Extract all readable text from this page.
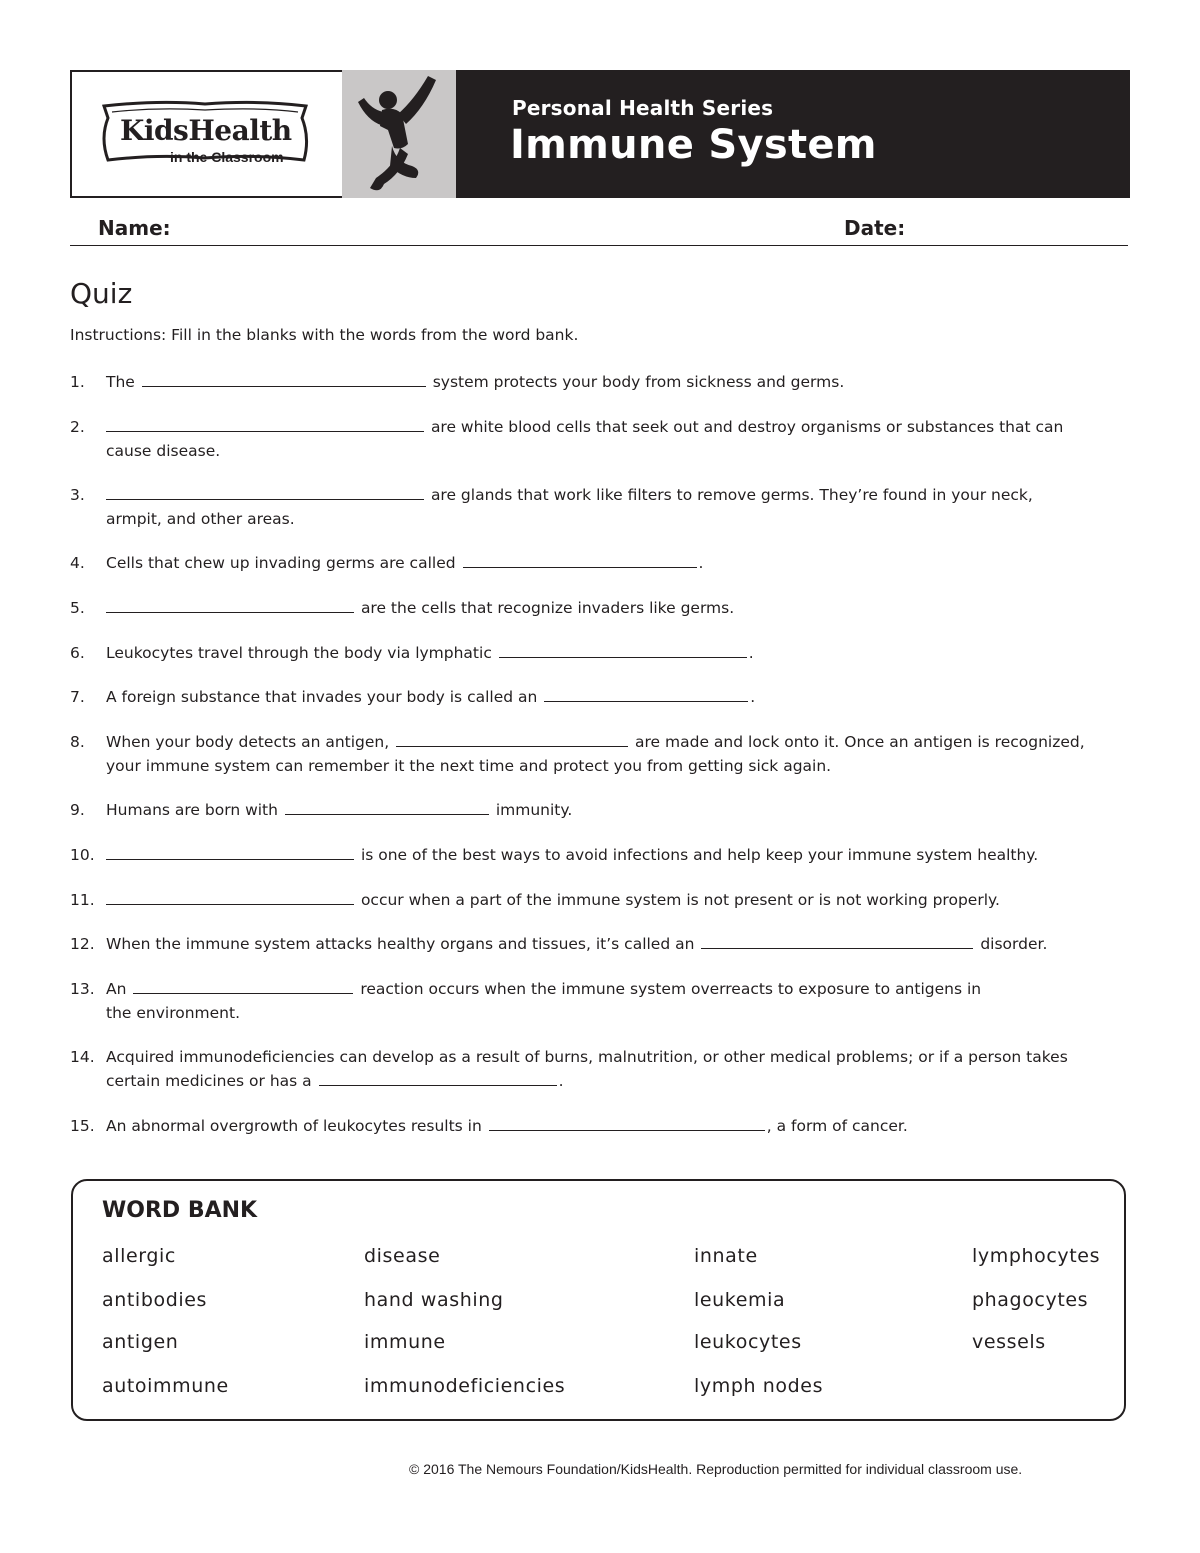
KidsHealth
in the Classroom
Personal Health Series
Immune System
Name:	Date:
Quiz
Instructions: Fill in the blanks with the words from the word bank.
1. The	system protects your body from sickness and germs.
2.	are white blood cells that seek out and destroy organisms or substances that can
cause disease.
3.	are glands that work like filters to remove germs. They’re found in your neck,
armpit, and other areas.
4. Cells that chew up invading germs are called	.
5.	are the cells that recognize invaders like germs.
6. Leukocytes travel through the body via lymphatic	.
7. A foreign substance that invades your body is called an	.
8. When your body detects an antigen,	are made and lock onto it. Once an antigen is recognized,
your immune system can remember it the next time and protect you from getting sick again.
9. Humans are born with	immunity.
10.	is one of the best ways to avoid infections and help keep your immune system healthy.
11.	occur when a part of the immune system is not present or is not working properly.
12. When the immune system attacks healthy organs and tissues, it’s called an	disorder.
13. An	reaction occurs when the immune system overreacts to exposure to antigens in
the environment.
14. Acquired immunodeficiencies can develop as a result of burns, malnutrition, or other medical problems; or if a person takes
certain medicines or has a	.
15. An abnormal overgrowth of leukocytes results in	, a form of cancer.
WORD BANK
allergic	disease	innate	lymphocytes
antibodies	hand washing	leukemia	phagocytes
antigen	immune	leukocytes	vessels
autoimmune	immunodeficiencies	lymph nodes
© 2016 The Nemours Foundation/KidsHealth. Reproduction permitted for individual classroom use.
